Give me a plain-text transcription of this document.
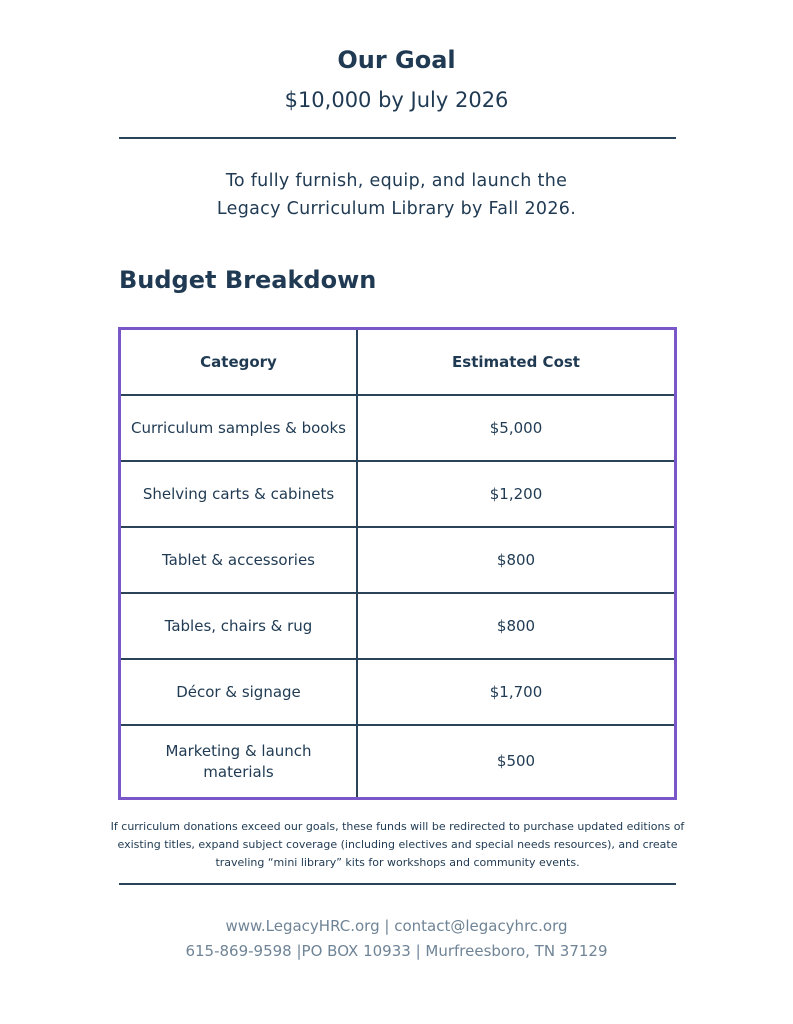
Our Goal
$10,000 by July 2026
To fully furnish, equip, and launch the
Legacy Curriculum Library by Fall 2026.
Budget Breakdown
Category	Estimated Cost
Curriculum samples & books	$5,000
Shelving carts & cabinets	$1,200
Tablet & accessories	$800
Tables, chairs & rug	$800
Décor & signage	$1,700
Marketing & launch materials	$500
If curriculum donations exceed our goals, these funds will be redirected to purchase updated editions of existing titles, expand subject coverage (including electives and special needs resources), and create traveling “mini library” kits for workshops and community events.
www.LegacyHRC.org | contact@legacyhrc.org
615-869-9598 |PO BOX 10933 | Murfreesboro, TN 37129
